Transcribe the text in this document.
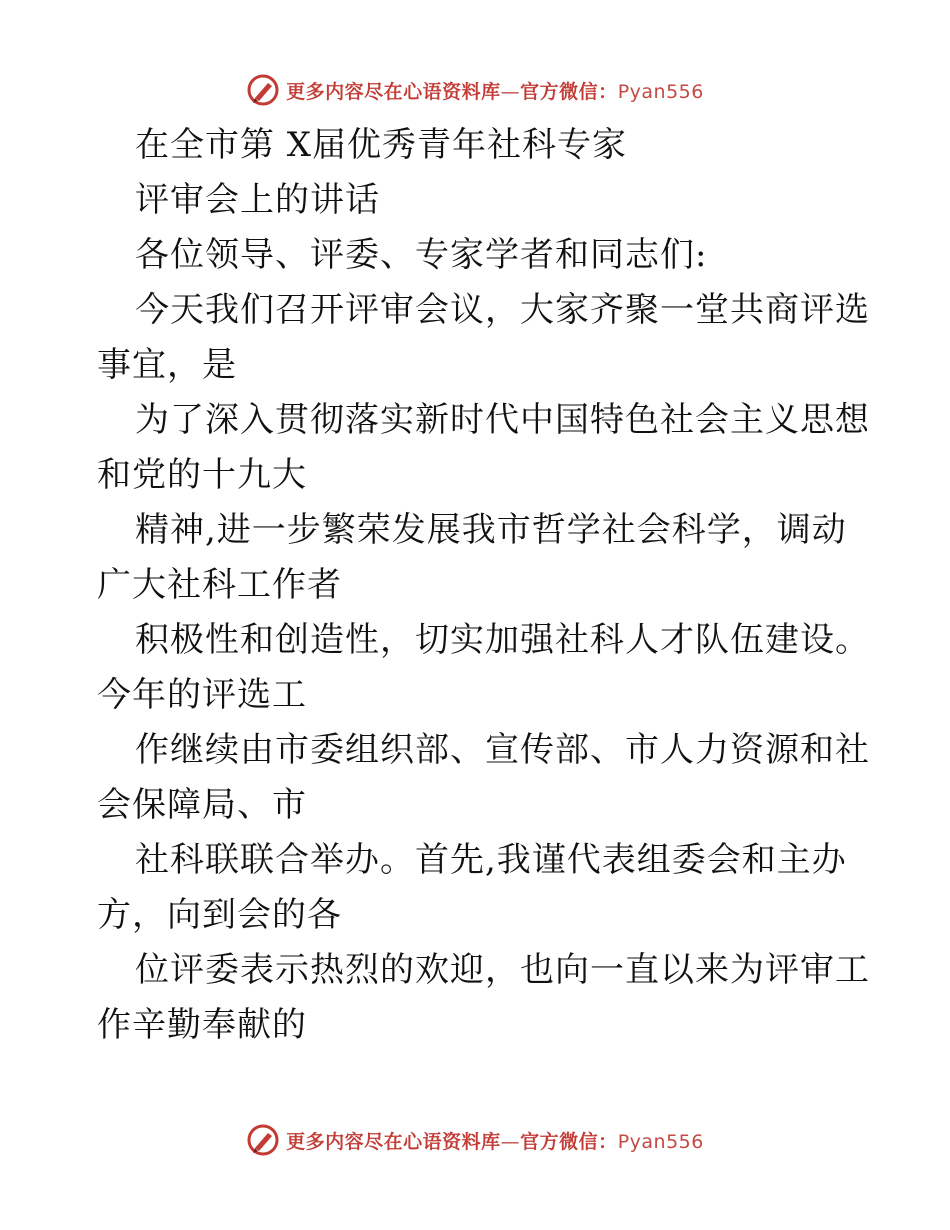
更多内容尽在心语资料库—官方微信：Pyan556
在全市第 X届优秀青年社科专家
评审会上的讲话
各位领导、评委、专家学者和同志们:
今天我们召开评审会议，大家齐聚一堂共商评选
事宜，是
为了深入贯彻落实新时代中国特色社会主义思想
和党的十九大
精神,进一步繁荣发展我市哲学社会科学，调动
广大社科工作者
积极性和创造性，切实加强社科人才队伍建设。
今年的评选工
作继续由市委组织部、宣传部、市人力资源和社
会保障局、市
社科联联合举办。首先,我谨代表组委会和主办
方，向到会的各
位评委表示热烈的欢迎，也向一直以来为评审工
作辛勤奉献的
更多内容尽在心语资料库—官方微信：Pyan556
